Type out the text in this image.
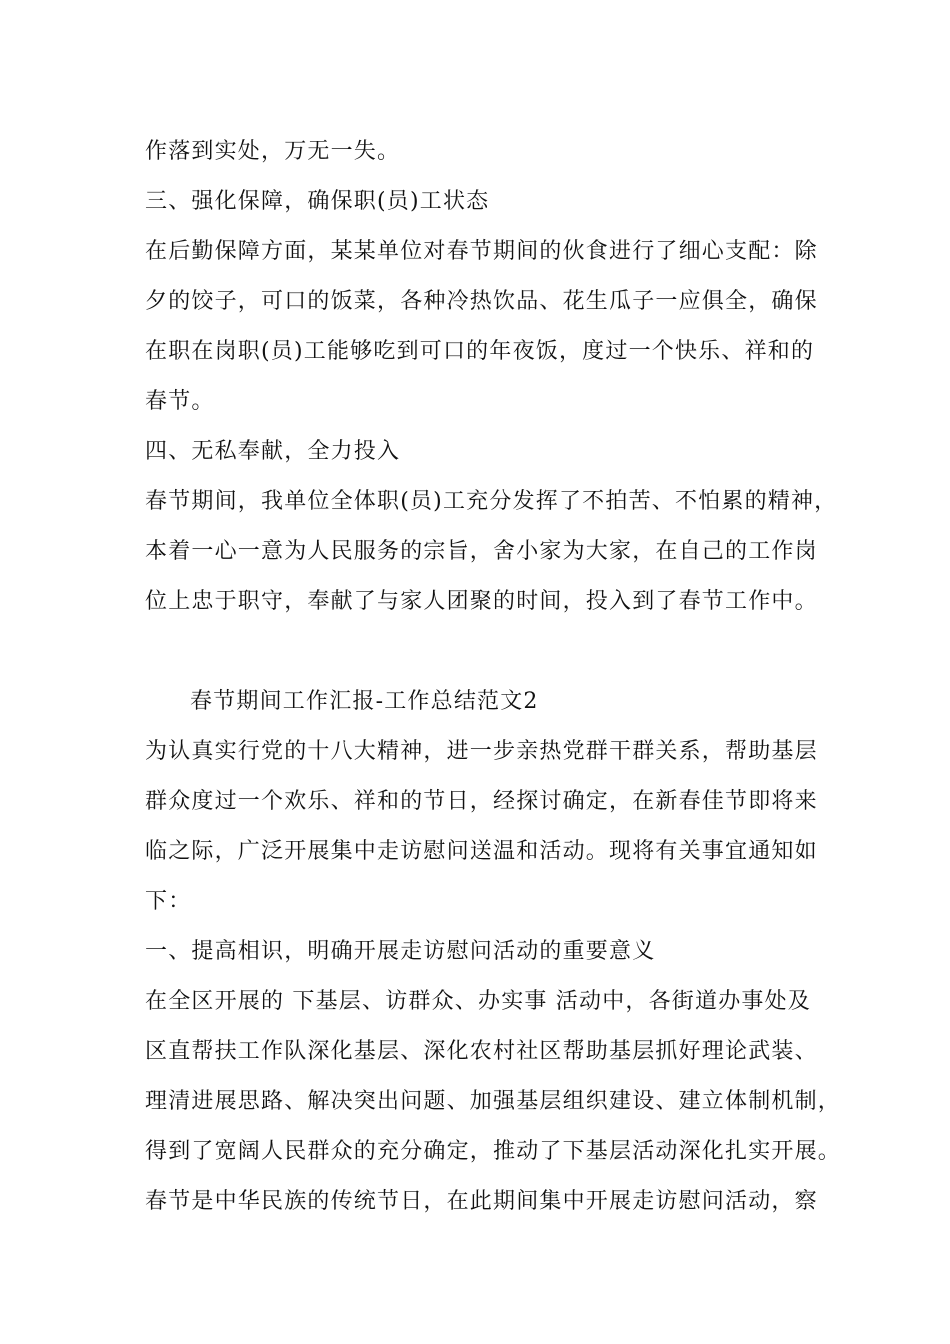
作落到实处，万无一失。
三、强化保障，确保职(员)工状态
在后勤保障方面，某某单位对春节期间的伙食进行了细心支配：除
夕的饺子，可口的饭菜，各种冷热饮品、花生瓜子一应俱全，确保
在职在岗职(员)工能够吃到可口的年夜饭，度过一个快乐、祥和的
春节。
四、无私奉献，全力投入
春节期间，我单位全体职(员)工充分发挥了不拍苦、不怕累的精神，
本着一心一意为人民服务的宗旨，舍小家为大家，在自己的工作岗
位上忠于职守，奉献了与家人团聚的时间，投入到了春节工作中。
春节期间工作汇报-工作总结范文2
为认真实行党的十八大精神，进一步亲热党群干群关系，帮助基层
群众度过一个欢乐、祥和的节日，经探讨确定，在新春佳节即将来
临之际，广泛开展集中走访慰问送温和活动。现将有关事宜通知如
下：
一、提高相识，明确开展走访慰问活动的重要意义
在全区开展的 下基层、访群众、办实事 活动中，各街道办事处及
区直帮扶工作队深化基层、深化农村社区帮助基层抓好理论武装、
理清进展思路、解决突出问题、加强基层组织建设、建立体制机制，
得到了宽阔人民群众的充分确定，推动了下基层活动深化扎实开展。
春节是中华民族的传统节日，在此期间集中开展走访慰问活动，察
